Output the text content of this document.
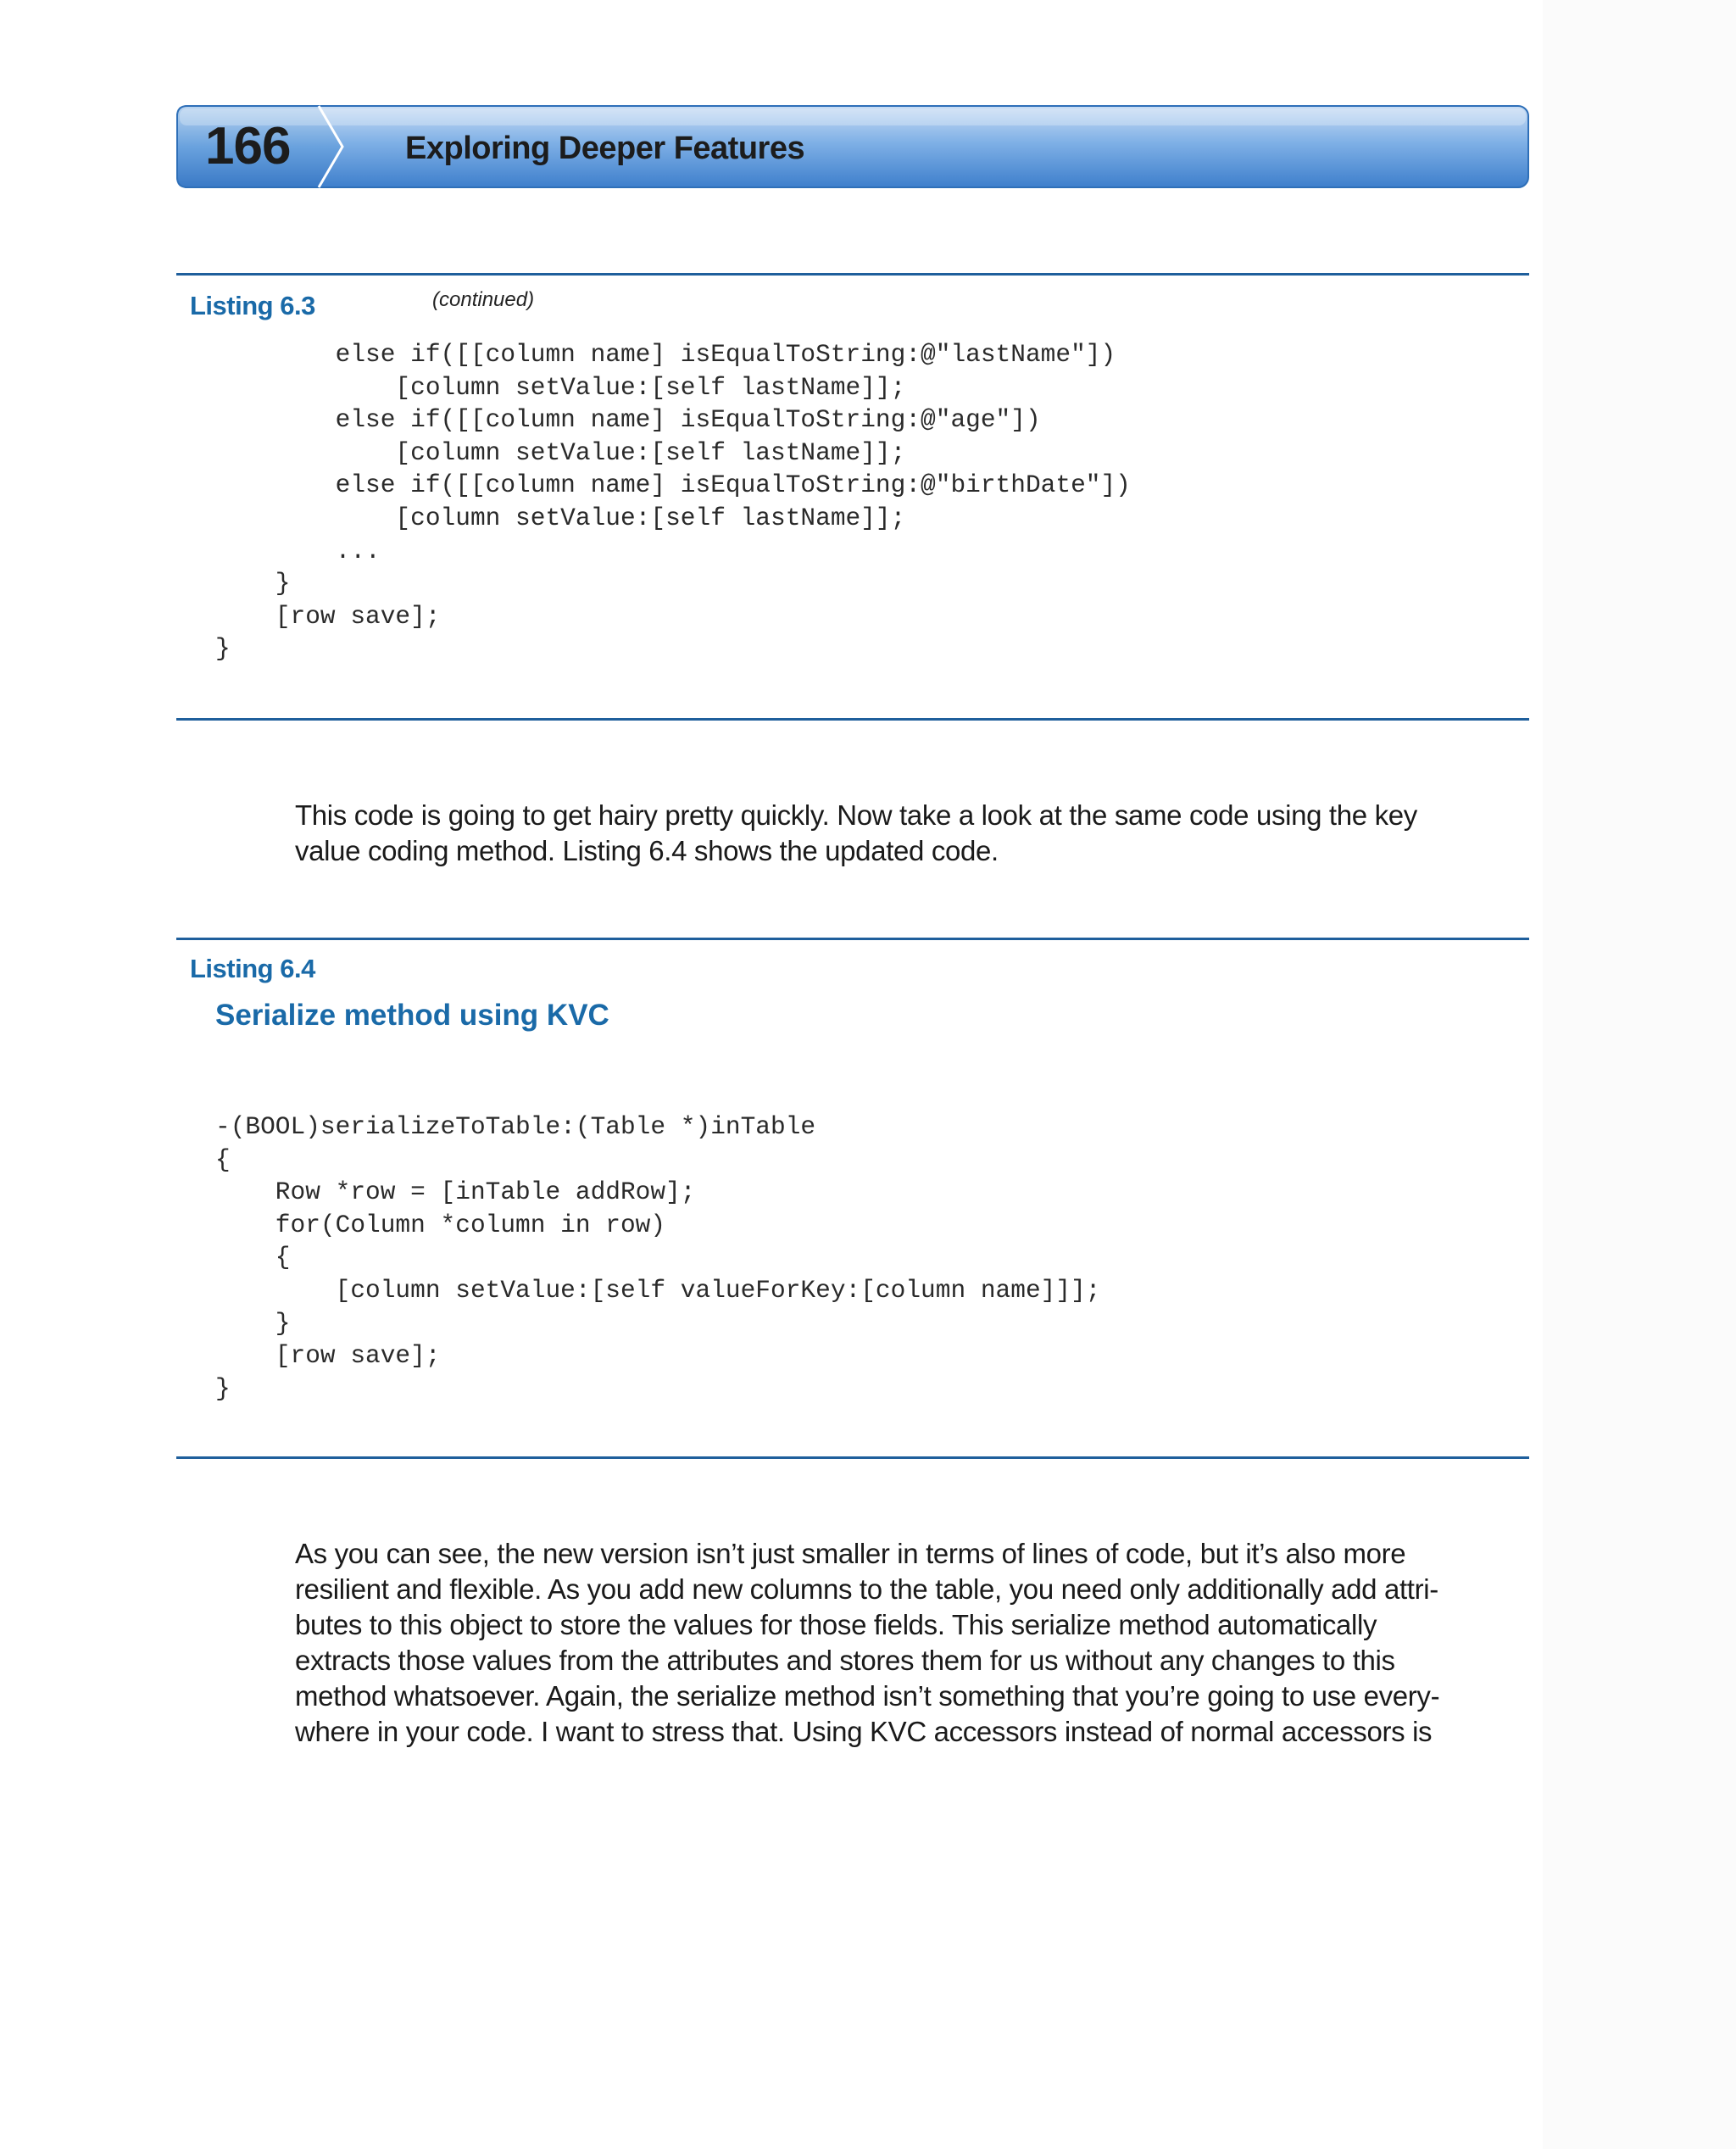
166	Exploring Deeper Features
Listing 6.3	(continued)
else if([[column name] isEqualToString:@"lastName"])
[column setValue:[self lastName]];
else if([[column name] isEqualToString:@"age"])
[column setValue:[self lastName]];
else if([[column name] isEqualToString:@"birthDate"])
[column setValue:[self lastName]];
...
}
[row save];
}

This code is going to get hairy pretty quickly. Now take a look at the same code using the key
value coding method. Listing 6.4 shows the updated code.

Listing 6.4
Serialize method using KVC
-(BOOL)serializeToTable:(Table *)inTable
{
Row *row = [inTable addRow];
for(Column *column in row)
{
[column setValue:[self valueForKey:[column name]]];
}
[row save];
}

As you can see, the new version isn’t just smaller in terms of lines of code, but it’s also more
resilient and flexible. As you add new columns to the table, you need only additionally add attri-
butes to this object to store the values for those fields. This serialize method automatically
extracts those values from the attributes and stores them for us without any changes to this
method whatsoever. Again, the serialize method isn’t something that you’re going to use every-
where in your code. I want to stress that. Using KVC accessors instead of normal accessors is
